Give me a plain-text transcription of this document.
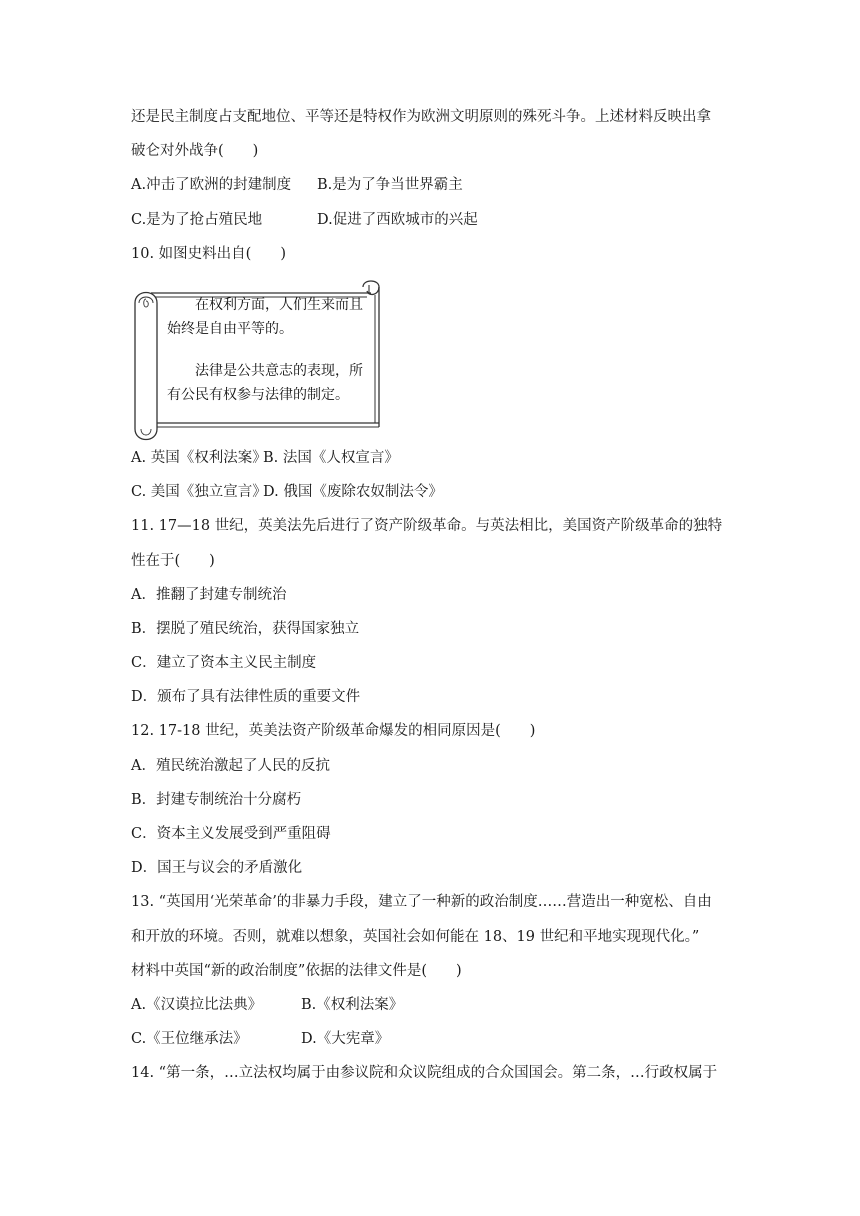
还是民主制度占支配地位、平等还是特权作为欧洲文明原则的殊死斗争。上述材料反映出拿
破仑对外战争(　　)
A.冲击了欧洲的封建制度 B.是为了争当世界霸主
C.是为了抢占殖民地	D.促进了西欧城市的兴起
10. 如图史料出自(　　)

在权利方面，人们生来而且

始终是自由平等的。

法律是公共意志的表现，所

有公民有权参与法律的制定。

A. 英国《权利法案》B. 法国《人权宣言》
C. 美国《独立宣言》D. 俄国《废除农奴制法令》
11. 17—18 世纪，英美法先后进行了资产阶级革命。与英法相比，美国资产阶级革命的独特
性在于(　　)
A．推翻了封建专制统治
B．摆脱了殖民统治，获得国家独立
C．建立了资本主义民主制度
D．颁布了具有法律性质的重要文件
12. 17-18 世纪，英美法资产阶级革命爆发的相同原因是(　　)
A．殖民统治激起了人民的反抗
B．封建专制统治十分腐朽
C．资本主义发展受到严重阻碍
D．国王与议会的矛盾激化
13. “英国用‘光荣革命’的非暴力手段，建立了一种新的政治制度……营造出一种宽松、自由
和开放的环境。否则，就难以想象，英国社会如何能在 18、19 世纪和平地实现现代化。”
材料中英国“新的政治制度”依据的法律文件是(　　)
A.《汉谟拉比法典》	B.《权利法案》
C.《王位继承法》	D.《大宪章》
14. “第一条，…立法权均属于由参议院和众议院组成的合众国国会。第二条，…行政权属于
